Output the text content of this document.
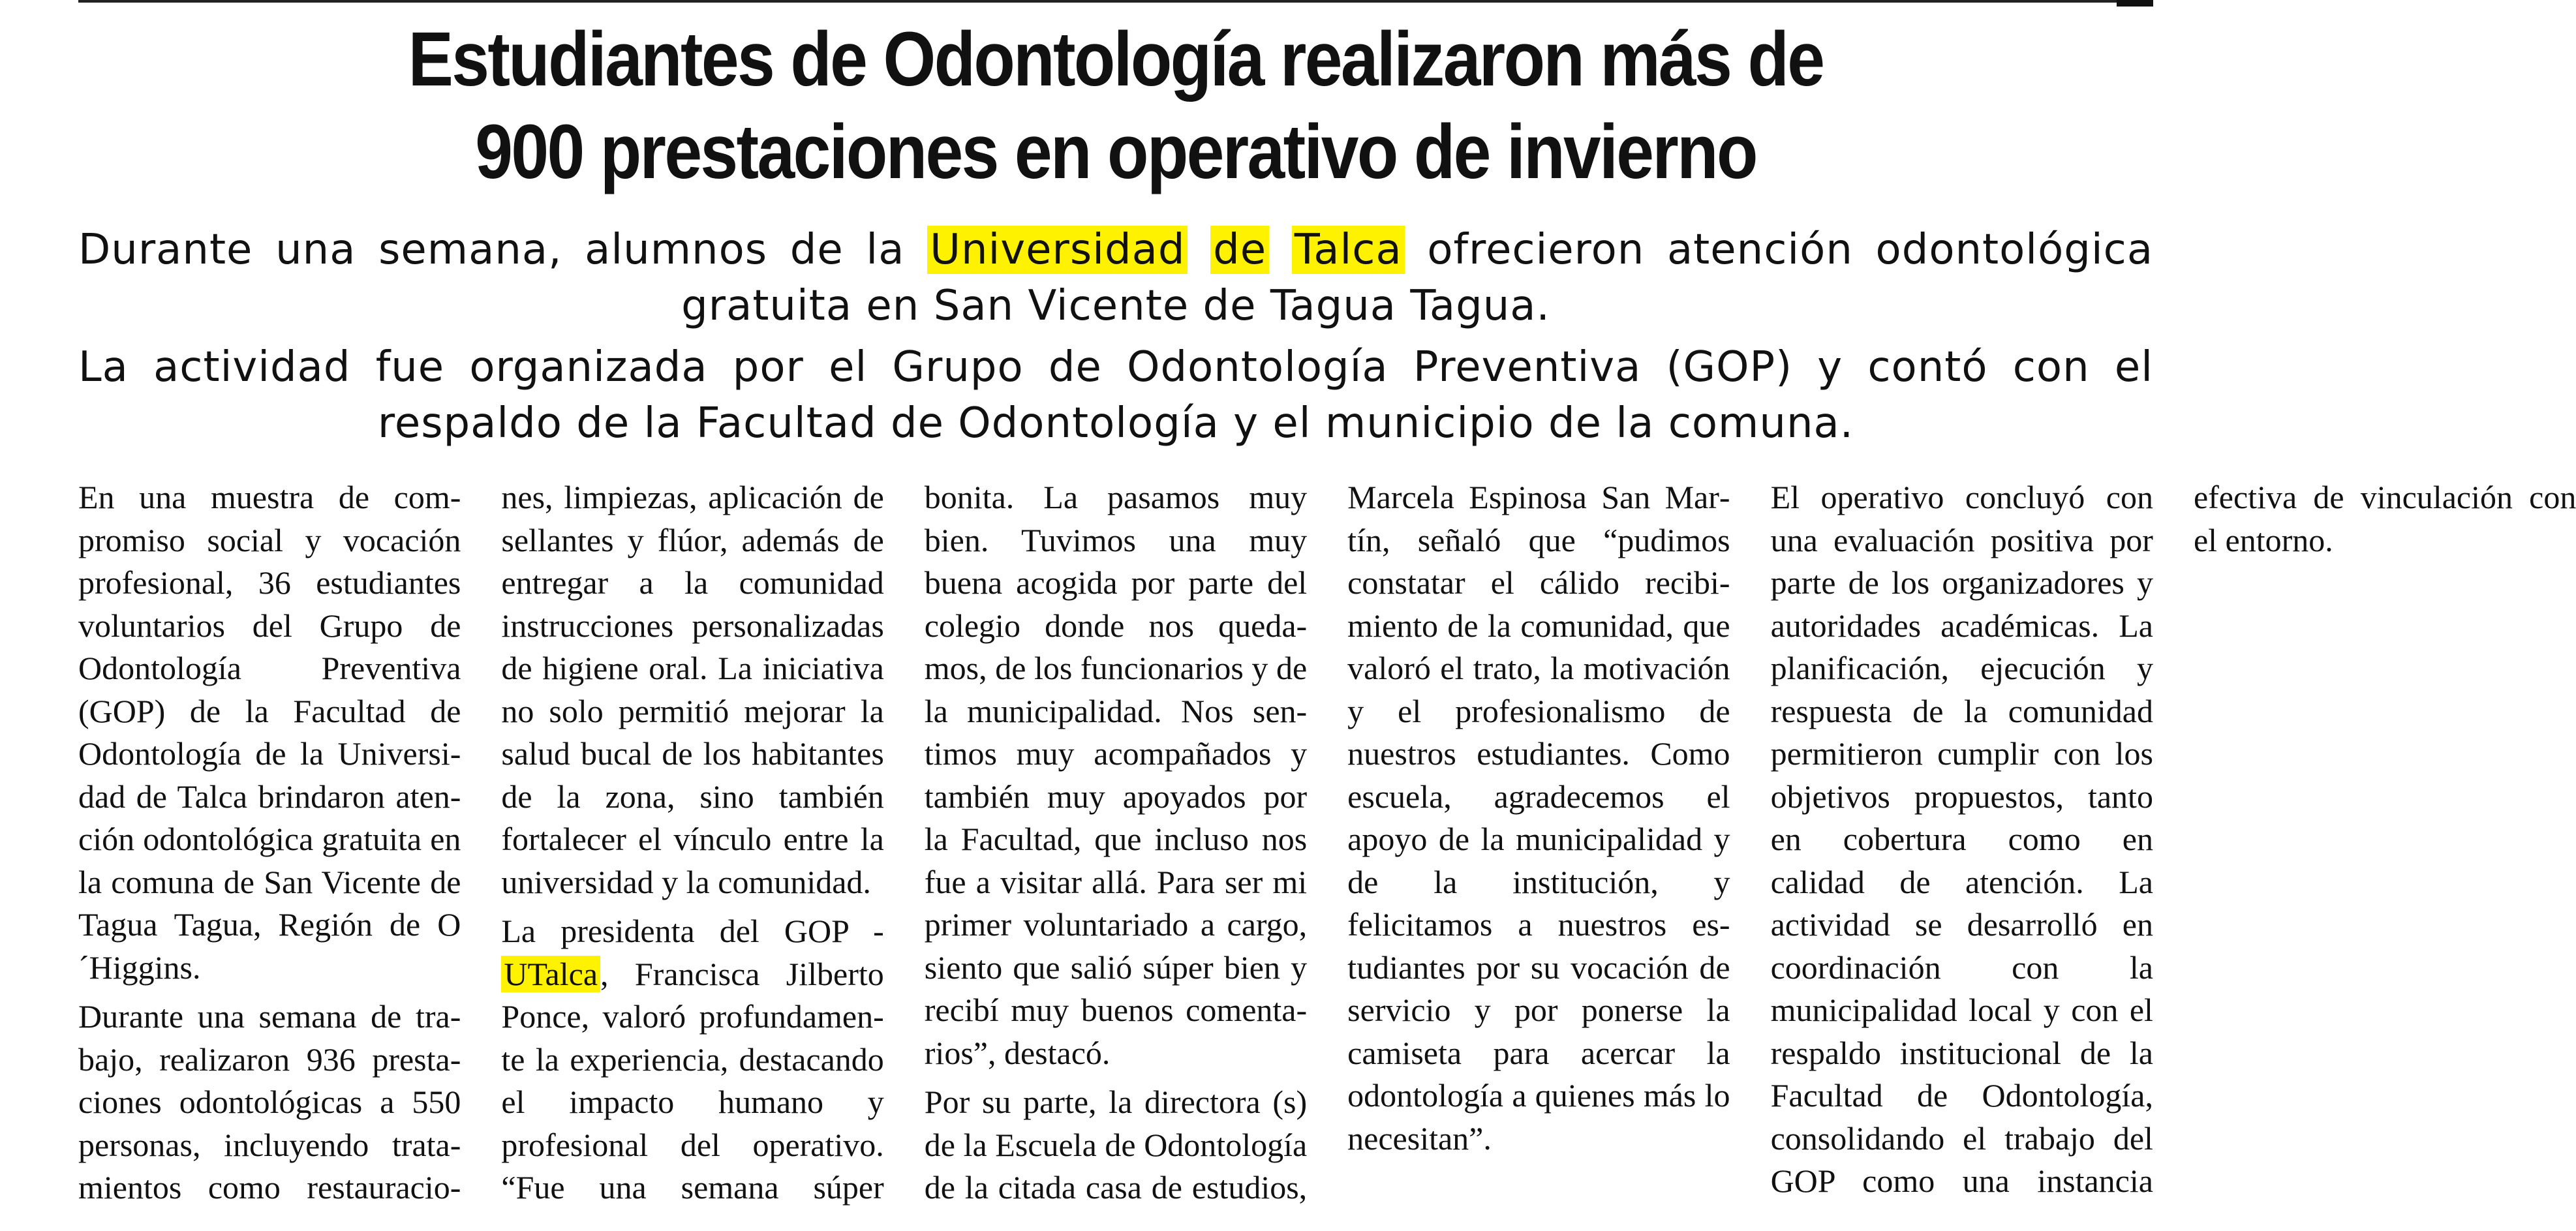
Estudiantes de Odontología realizaron más de
900 prestaciones en operativo de invierno

Durante una semana, alumnos de la Universidad de Talca ofrecieron atención odontológica gratuita en San Vicente de Tagua Tagua.

La actividad fue organizada por el Grupo de Odontología Preventiva (GOP) y contó con el respaldo de la Facultad de Odontología y el municipio de la comuna.

En una muestra de compromiso social y vocación profesional, 36 estudiantes voluntarios del Grupo de Odontología Preventiva (GOP) de la Facultad de Odontología de la Universidad de Talca brindaron atención odontológica gratuita en la comuna de San Vicente de Tagua Tagua, Región de O´Higgins.

Durante una semana de trabajo, realizaron 936 prestaciones odontológicas a 550 personas, incluyendo tratamientos como restauraciones, limpiezas, aplicación de sellantes y flúor, además de entregar a la comunidad instrucciones personalizadas de higiene oral. La iniciativa no solo permitió mejorar la salud bucal de los habitantes de la zona, sino también fortalecer el vínculo entre la universidad y la comunidad.

La presidenta del GOP - UTalca, Francisca Jilberto Ponce, valoró profundamente la experiencia, destacando el impacto humano y profesional del operativo. “Fue una semana súper bonita. La pasamos muy bien. Tuvimos una muy buena acogida por parte del colegio donde nos quedamos, de los funcionarios y de la municipalidad. Nos sentimos muy acompañados y también muy apoyados por la Facultad, que incluso nos fue a visitar allá. Para ser mi primer voluntariado a cargo, siento que salió súper bien y recibí muy buenos comentarios”, destacó.

Por su parte, la directora (s) de la Escuela de Odontología de la citada casa de estudios, Marcela Espinosa San Martín, señaló que “pudimos constatar el cálido recibimiento de la comunidad, que valoró el trato, la motivación y el profesionalismo de nuestros estudiantes. Como escuela, agradecemos el apoyo de la municipalidad y de la institución, y felicitamos a nuestros estudiantes por su vocación de servicio y por ponerse la camiseta para acercar la odontología a quienes más lo necesitan”.

El operativo concluyó con una evaluación positiva por parte de los organizadores y autoridades académicas. La planificación, ejecución y respuesta de la comunidad permitieron cumplir con los objetivos propuestos, tanto en cobertura como en calidad de atención. La actividad se desarrolló en coordinación con la municipalidad local y con el respaldo institucional de la Facultad de Odontología, consolidando el trabajo del GOP como una instancia efectiva de vinculación con el entorno.
